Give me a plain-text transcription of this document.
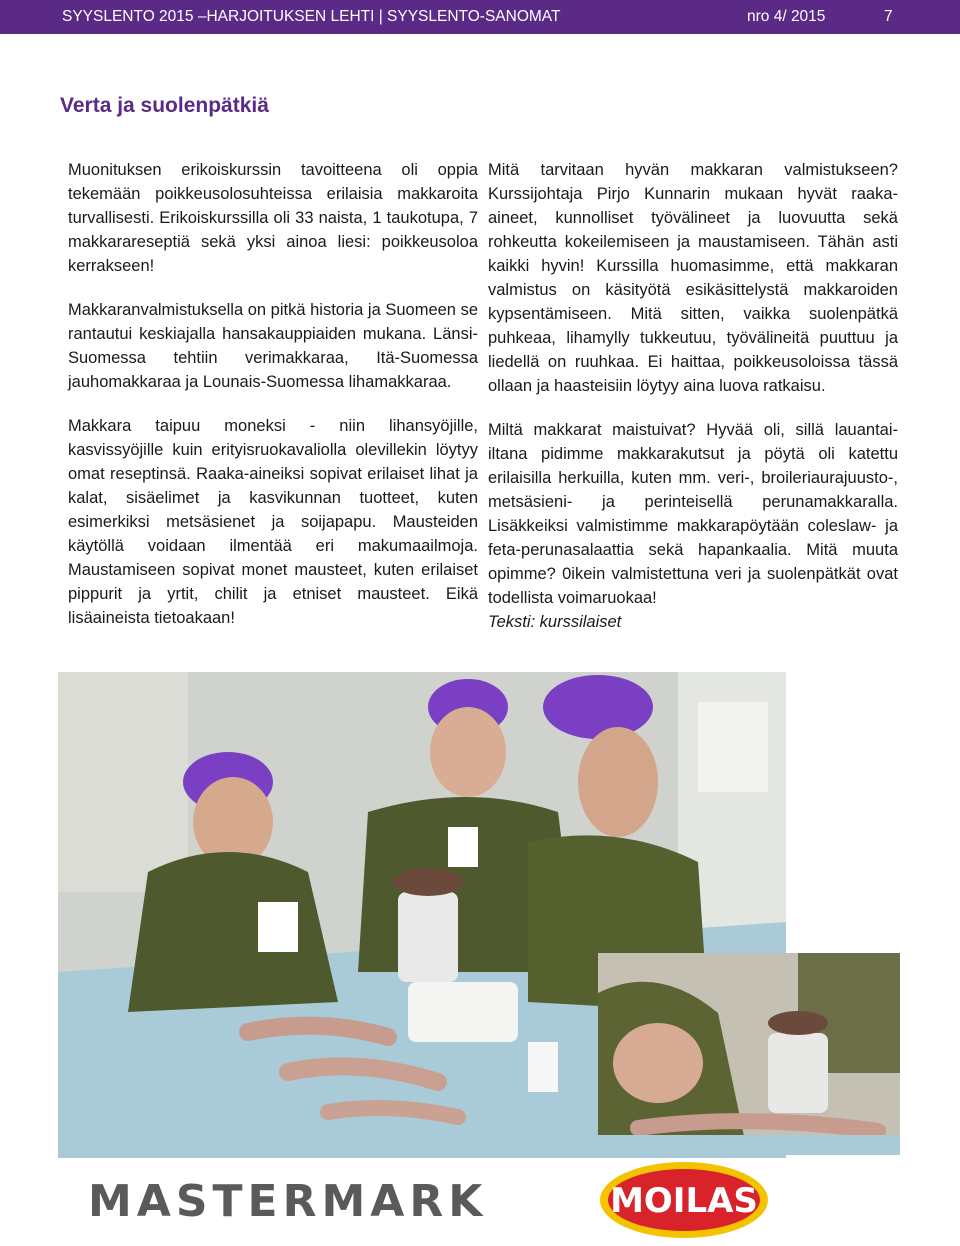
SYYSLENTO 2015 –HARJOITUKSEN LEHTI | SYYSLENTO-SANOMAT	nro 4/ 2015	7
Verta ja suolenpätkiä

Muonituksen erikoiskurssin tavoitteena oli oppia tekemään poikkeusolosuhteissa erilaisia makkaroita turvallisesti. Erikoiskurssilla oli 33 naista, 1 taukotupa, 7 makkarareseptiä sekä yksi ainoa liesi: poikkeusoloa kerrakseen!

Makkaranvalmistuksella on pitkä historia ja Suomeen se rantautui keskiajalla hansakauppiaiden mukana. Länsi-Suomessa tehtiin verimakkaraa, Itä-Suomessa jauhomakkaraa ja Lounais-Suomessa lihamakkaraa.

Makkara taipuu moneksi - niin lihansyöjille, kasvissyöjille kuin erityisruokavaliolla olevillekin löytyy omat reseptinsä. Raaka-aineiksi sopivat erilaiset lihat ja kalat, sisäelimet ja kasvikunnan tuotteet, kuten esimerkiksi metsäsienet ja soijapapu. Mausteiden käytöllä voidaan ilmentää eri makumaailmoja. Maustamiseen sopivat monet mausteet, kuten erilaiset pippurit ja yrtit, chilit ja etniset mausteet. Eikä lisäaineista tietoakaan!

Mitä tarvitaan hyvän makkaran valmistukseen? Kurssijohtaja Pirjo Kunnarin mukaan hyvät raaka-aineet, kunnolliset työvälineet ja luovuutta sekä rohkeutta kokeilemiseen ja maustamiseen. Tähän asti kaikki hyvin! Kurssilla huomasimme, että makkaran valmistus on käsityötä esikäsittelystä makkaroiden kypsentämiseen. Mitä sitten, vaikka suolenpätkä puhkeaa, lihamylly tukkeutuu, työvälineitä puuttuu ja liedellä on ruuhkaa. Ei haittaa, poikkeusoloissa tässä ollaan ja haasteisiin löytyy aina luova ratkaisu.

Miltä makkarat maistuivat? Hyvää oli, sillä lauantai-iltana pidimme makkarakutsut ja pöytä oli katettu erilaisilla herkuilla, kuten mm. veri-, broileriaurajuusto-, metsäsieni- ja perinteisellä perunamakkaralla. Lisäkkeiksi valmistimme makkarapöytään coleslaw- ja feta-perunasalaattia sekä hapankaalia. Mitä muuta opimme? 0ikein valmistettuna veri ja suolenpätkät ovat todellista voimaruokaa!

Teksti: kurssilaiset

MASTERMARK	MOILAS
